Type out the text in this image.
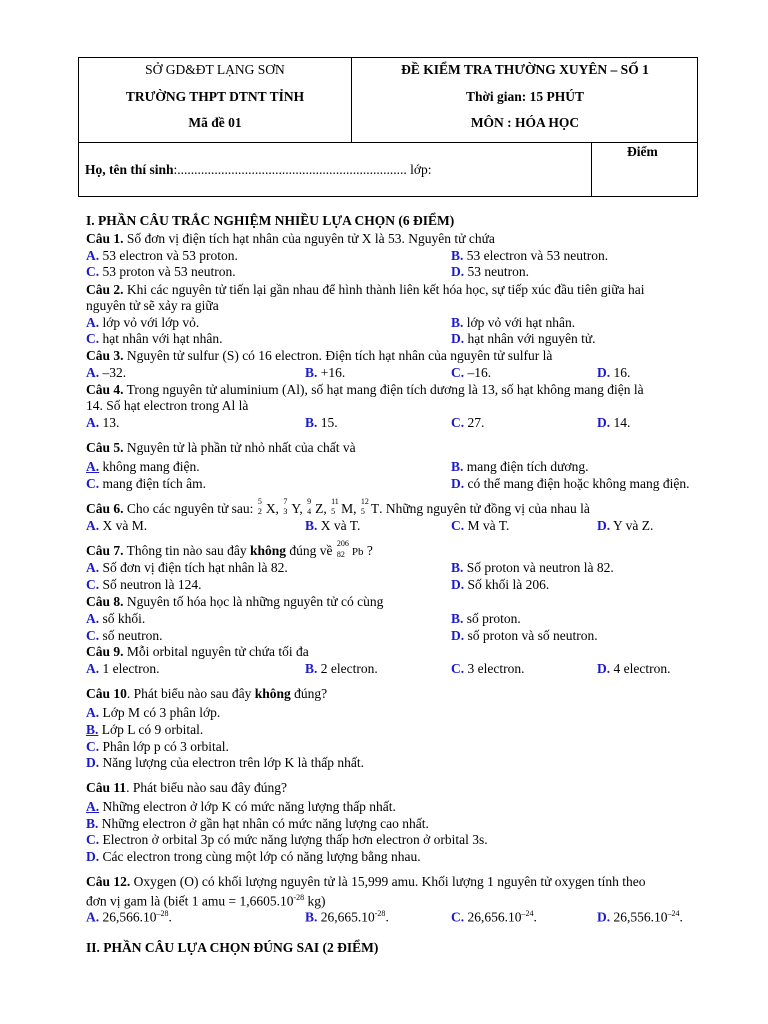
SỞ GD&ĐT LẠNG SƠN
TRƯỜNG THPT DTNT TỈNH
Mã đề 01
ĐỀ KIỂM TRA THƯỜNG XUYÊN – SỐ 1
Thời gian: 15 PHÚT
MÔN : HÓA HỌC
Họ, tên thí sinh:.................................................................... lớp:
Điểm
I. PHẦN CÂU TRẮC NGHIỆM NHIỀU LỰA CHỌN (6 ĐIỂM)
Câu 1. Số đơn vị điện tích hạt nhân của nguyên tử X là 53. Nguyên tử chứa
A. 53 electron và 53 proton.	B. 53 electron và 53 neutron.
C. 53 proton và 53 neutron.	D. 53 neutron.
Câu 2. Khi các nguyên tử tiến lại gần nhau để hình thành liên kết hóa học, sự tiếp xúc đầu tiên giữa hai
nguyên tử sẽ xảy ra giữa
A. lớp vỏ với lớp vỏ.	B. lớp vỏ với hạt nhân.
C. hạt nhân với hạt nhân.	D. hạt nhân với nguyên tử.
Câu 3. Nguyên tử sulfur (S) có 16 electron. Điện tích hạt nhân của nguyên tử sulfur là
A. –32.	B. +16.	C. –16.	D. 16.
Câu 4. Trong nguyên tử aluminium (Al), số hạt mang điện tích dương là 13, số hạt không mang điện là
14. Số hạt electron trong Al là
A. 13.	B. 15.	C. 27.	D. 14.
Câu 5. Nguyên tử là phần tử nhỏ nhất của chất và
A. không mang điện.	B. mang điện tích dương.
C. mang điện tích âm.	D. có thể mang điện hoặc không mang điện.
Câu 6. Cho các nguyên tử sau: 5
2 X, 7
3 Y, 9
4 Z, 11
5 M, 12
5 T. Những nguyên tử đồng vị của nhau là
A. X và M.	B. X và T.	C. M và T.	D. Y và Z.
Câu 7. Thông tin nào sau đây không đúng về 206
82 Pb ?
A. Số đơn vị điện tích hạt nhân là 82.	B. Số proton và neutron là 82.
C. Số neutron là 124.	D. Số khối là 206.
Câu 8. Nguyên tố hóa học là những nguyên tử có cùng
A. số khối.	B. số proton.
C. số neutron.	D. số proton và số neutron.
Câu 9. Mỗi orbital nguyên tử chứa tối đa
A. 1 electron.	B. 2 electron.	C. 3 electron.	D. 4 electron.
Câu 10. Phát biểu nào sau đây không đúng?
A. Lớp M có 3 phân lớp.
B. Lớp L có 9 orbital.
C. Phân lớp p có 3 orbital.
D. Năng lượng của electron trên lớp K là thấp nhất.
Câu 11. Phát biểu nào sau đây đúng?
A. Những electron ở lớp K có mức năng lượng thấp nhất.
B. Những electron ở gần hạt nhân có mức năng lượng cao nhất.
C. Electron ở orbital 3p có mức năng lượng thấp hơn electron ở orbital 3s.
D. Các electron trong cùng một lớp có năng lượng bằng nhau.
Câu 12. Oxygen (O) có khối lượng nguyên tử là 15,999 amu. Khối lượng 1 nguyên tử oxygen tính theo
đơn vị gam là (biết 1 amu = $1,6605.10^{-28}$ kg)
A. $26,566.10^{-28}$.	B. $26,665.10^{-28}$.	C. $26,656.10^{-24}$.	D. $26,556.10^{-24}$.
II. PHẦN CÂU LỰA CHỌN ĐÚNG SAI (2 ĐIỂM)
